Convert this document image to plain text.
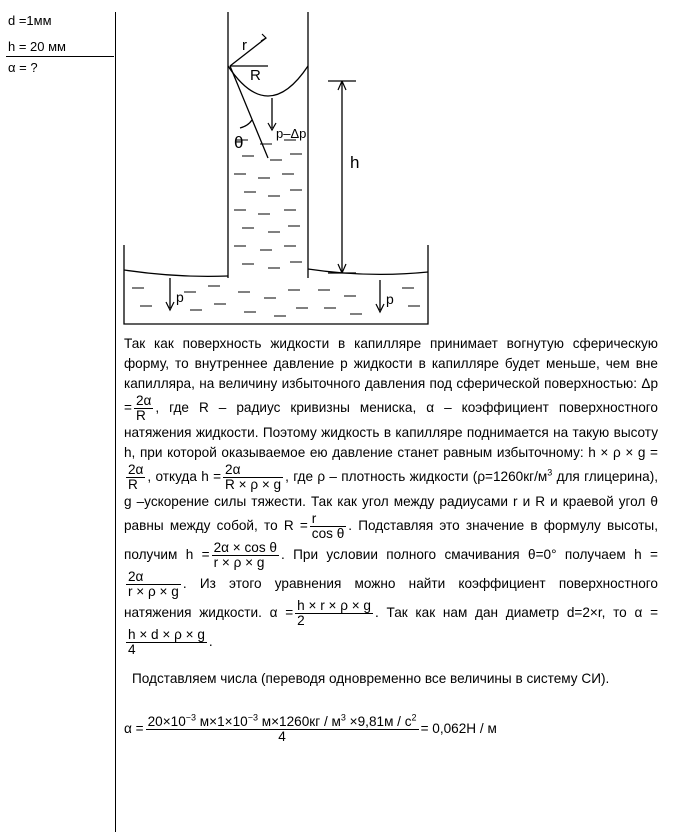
d =1мм
h = 20 мм
α = ?
r
R
θ	p–Δp
h
p	p
Так как поверхность жидкости в капилляре принимает вогнутую сферическую форму, то внутреннее давление p жидкости в капилляре будет меньше, чем вне капилляра, на величину избыточного давления под сферической поверхностью: $\Delta p = \frac{2\alpha}{R}$ , где R – радиус кривизны мениска, α – коэффициент поверхностного натяжения жидкости. Поэтому жидкость в капилляре поднимается на такую высоту h, при которой оказываемое ею давление станет равным избыточному: h × ρ × g =
$\frac{2\alpha}{R}$ , откуда $h = \frac{2\alpha}{R \times \rho \times g}$ , где ρ – плотность жидкости ($\rho=1260кг/м^3$ для глицерина), g –ускорение силы тяжести. Так как угол между радиусами r и R и краевой угол θ равны между собой, то $R = \frac{r}{\text{cos θ}}$ . Подставляя это значение в формулу высоты, получим $h = \frac{\text{2α × cos θ}}{r \times \rho \times g}$ . При условии полного смачивания θ=0° получаем h =
$\frac{2\alpha}{r \times \rho \times g}$ . Из этого уравнения можно найти коэффициент поверхностного натяжения жидкости. $\alpha = \frac{h \times r \times \rho \times g}{2}$ . Так как нам дан диаметр d=2×r, то α =
$\frac{h \times d \times \rho \times g}{4}$ .
Подставляем числа (переводя одновременно все величины в систему СИ).
$\alpha = 20\times 10^{-3}$ $м\times 1\times 10^{-3}$ $м\times 1260кг / м^3 \times 9,81м / с^2$
4
= 0,062Н / м
